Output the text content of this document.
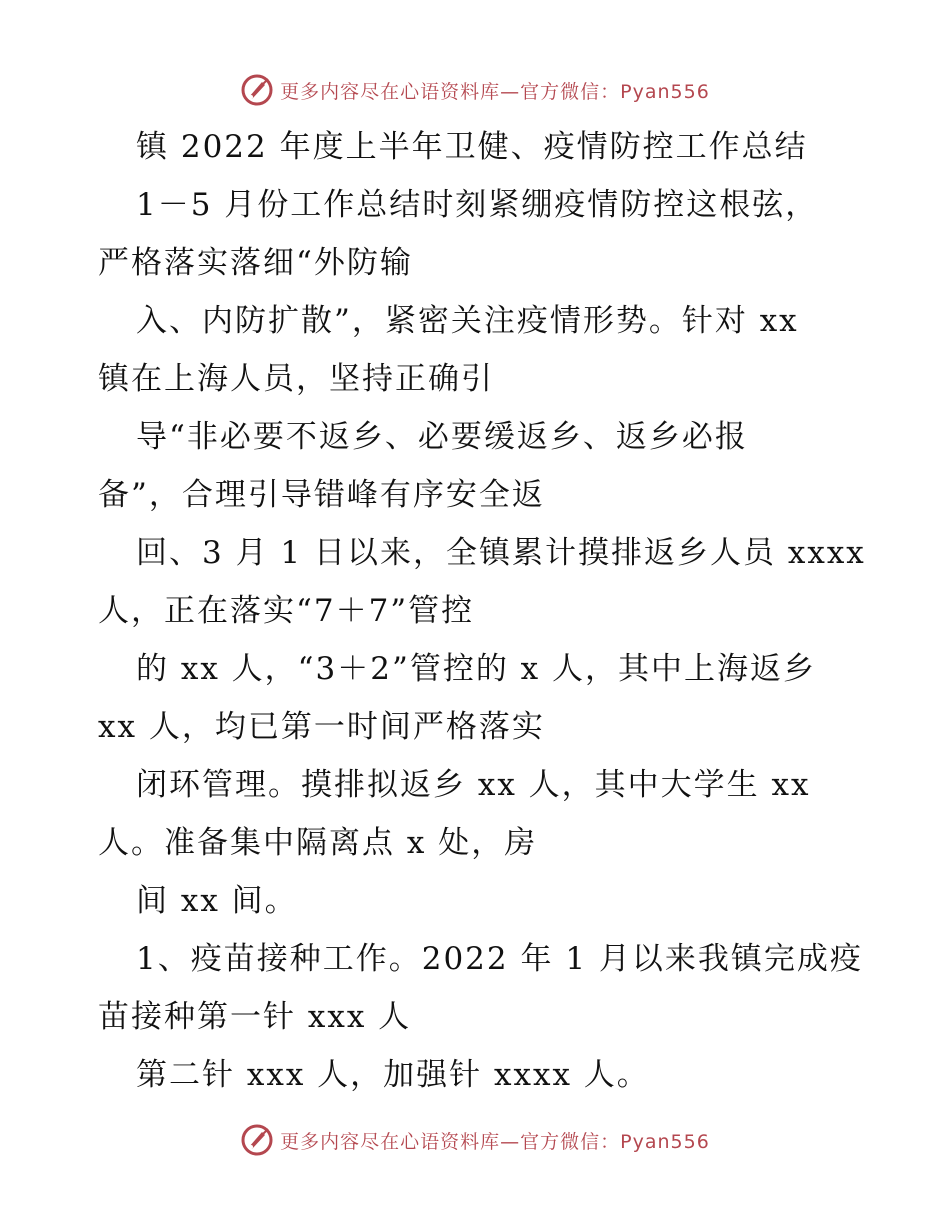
更多内容尽在心语资料库—官方微信：Pyan556
镇 2022 年度上半年卫健、疫情防控工作总结
1－5 月份工作总结时刻紧绷疫情防控这根弦，
严格落实落细“外防输
入、内防扩散”，紧密关注疫情形势。针对 xx
镇在上海人员，坚持正确引
导“非必要不返乡、必要缓返乡、返乡必报
备”，合理引导错峰有序安全返
回、3 月 1 日以来，全镇累计摸排返乡人员 xxxx
人，正在落实“7＋7”管控
的 xx 人，“3＋2”管控的 x 人，其中上海返乡
xx 人，均已第一时间严格落实
闭环管理。摸排拟返乡 xx 人，其中大学生 xx
人。准备集中隔离点 x 处，房
间 xx 间。
1、疫苗接种工作。2022 年 1 月以来我镇完成疫
苗接种第一针 xxx 人
第二针 xxx 人，加强针 xxxx 人。
更多内容尽在心语资料库—官方微信：Pyan556
